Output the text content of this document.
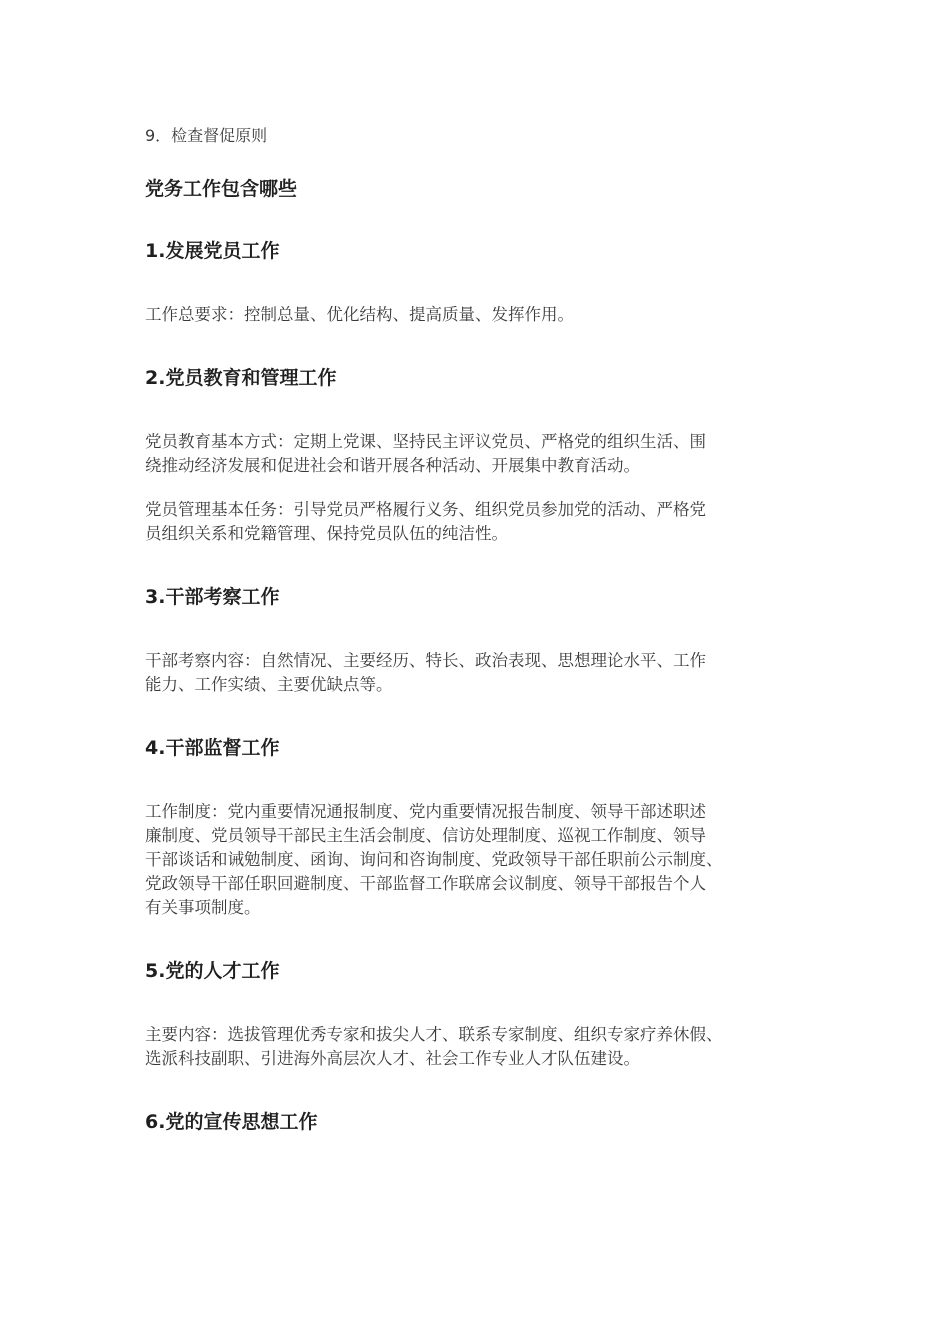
9．检查督促原则

党务工作包含哪些

1.发展党员工作

工作总要求：控制总量、优化结构、提高质量、发挥作用。

2.党员教育和管理工作

党员教育基本方式：定期上党课、坚持民主评议党员、严格党的组织生活、围
绕推动经济发展和促进社会和谐开展各种活动、开展集中教育活动。

党员管理基本任务：引导党员严格履行义务、组织党员参加党的活动、严格党
员组织关系和党籍管理、保持党员队伍的纯洁性。

3.干部考察工作

干部考察内容：自然情况、主要经历、特长、政治表现、思想理论水平、工作
能力、工作实绩、主要优缺点等。

4.干部监督工作

工作制度：党内重要情况通报制度、党内重要情况报告制度、领导干部述职述
廉制度、党员领导干部民主生活会制度、信访处理制度、巡视工作制度、领导
干部谈话和诫勉制度、函询、询问和咨询制度、党政领导干部任职前公示制度、
党政领导干部任职回避制度、干部监督工作联席会议制度、领导干部报告个人
有关事项制度。

5.党的人才工作

主要内容：选拔管理优秀专家和拔尖人才、联系专家制度、组织专家疗养休假、
选派科技副职、引进海外高层次人才、社会工作专业人才队伍建设。

6.党的宣传思想工作
